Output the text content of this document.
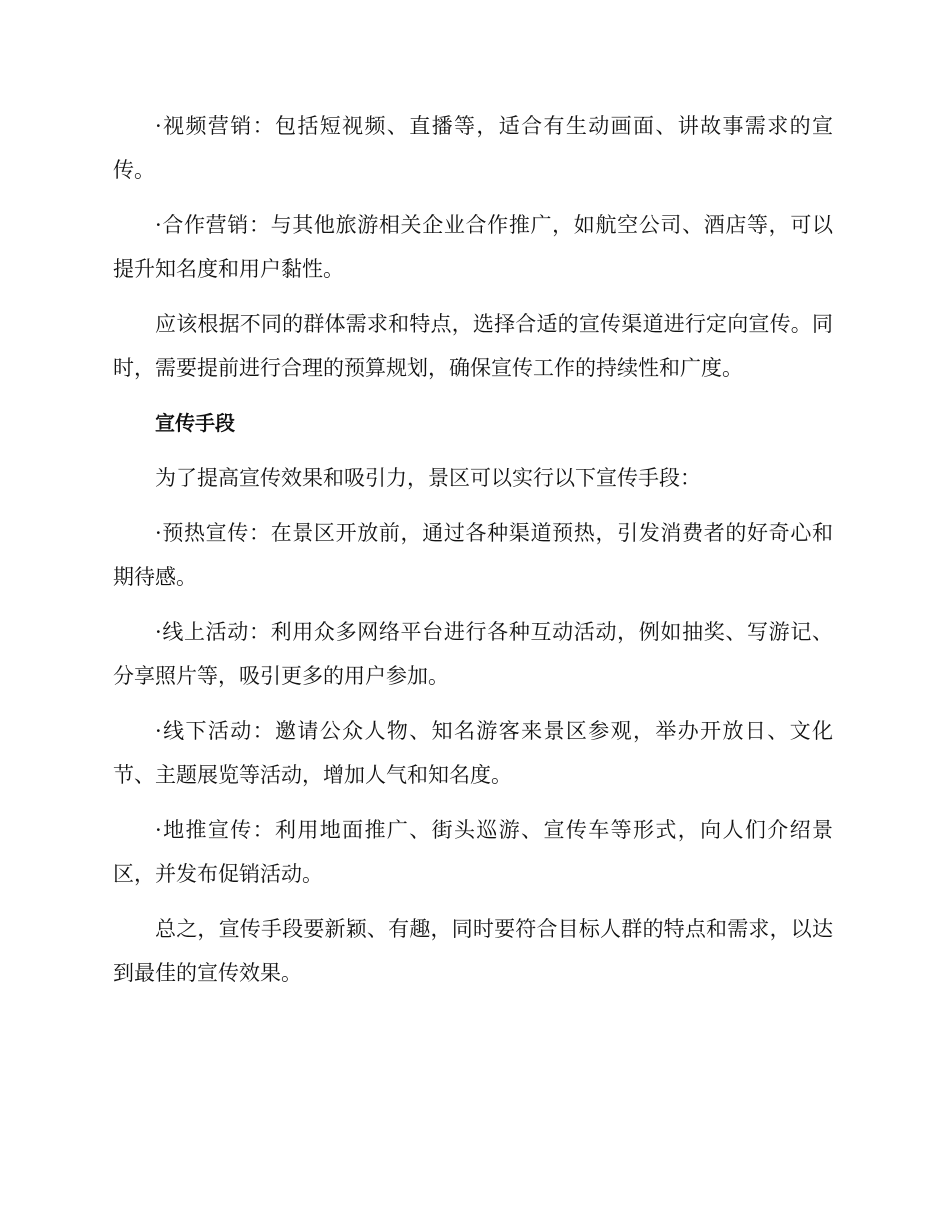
·视频营销：包括短视频、直播等，适合有生动画面、讲故事需求的宣传。

·合作营销：与其他旅游相关企业合作推广，如航空公司、酒店等，可以提升知名度和用户黏性。

应该根据不同的群体需求和特点，选择合适的宣传渠道进行定向宣传。同时，需要提前进行合理的预算规划，确保宣传工作的持续性和广度。

宣传手段

为了提高宣传效果和吸引力，景区可以实行以下宣传手段：

·预热宣传：在景区开放前，通过各种渠道预热，引发消费者的好奇心和期待感。

·线上活动：利用众多网络平台进行各种互动活动，例如抽奖、写游记、分享照片等，吸引更多的用户参加。

·线下活动：邀请公众人物、知名游客来景区参观，举办开放日、文化节、主题展览等活动，增加人气和知名度。

·地推宣传：利用地面推广、街头巡游、宣传车等形式，向人们介绍景区，并发布促销活动。

总之，宣传手段要新颖、有趣，同时要符合目标人群的特点和需求，以达到最佳的宣传效果。
